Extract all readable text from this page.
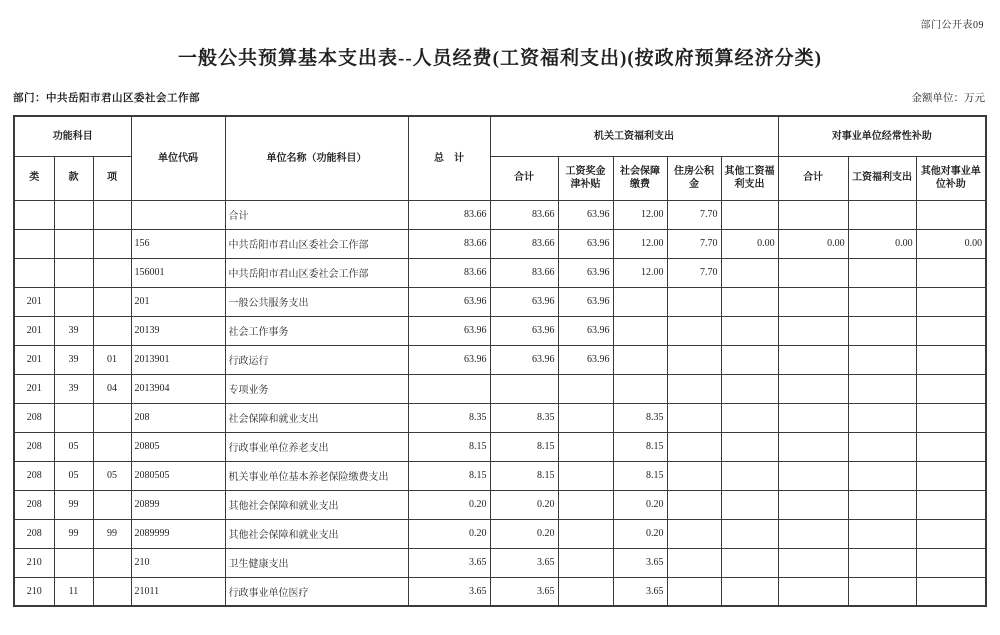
部门公开表09
一般公共预算基本支出表--人员经费(工资福利支出)(按政府预算经济分类)
部门：中共岳阳市君山区委社会工作部	金额单位：万元
功能科目			单位代码	单位名称（功能科目）	总　计	机关工资福利支出					对事业单位经常性补助		
类	款	项				合计	工资奖金津补贴	社会保障缴费	住房公积金	其他工资福利支出	合计	工资福利支出	其他对事业单位补助
				合计	83.66	83.66	63.96	12.00	7.70				
			156	中共岳阳市君山区委社会工作部	83.66	83.66	63.96	12.00	7.70	0.00	0.00	0.00	0.00
			156001	中共岳阳市君山区委社会工作部	83.66	83.66	63.96	12.00	7.70				
201			201	一般公共服务支出	63.96	63.96	63.96						
201	39		20139	社会工作事务	63.96	63.96	63.96						
201	39	01	2013901	行政运行	63.96	63.96	63.96						
201	39	04	2013904	专项业务									
208			208	社会保障和就业支出	8.35	8.35		8.35					
208	05		20805	行政事业单位养老支出	8.15	8.15		8.15					
208	05	05	2080505	机关事业单位基本养老保险缴费支出	8.15	8.15		8.15					
208	99		20899	其他社会保障和就业支出	0.20	0.20		0.20					
208	99	99	2089999	其他社会保障和就业支出	0.20	0.20		0.20					
210			210	卫生健康支出	3.65	3.65		3.65					
210	11		21011	行政事业单位医疗	3.65	3.65		3.65					
